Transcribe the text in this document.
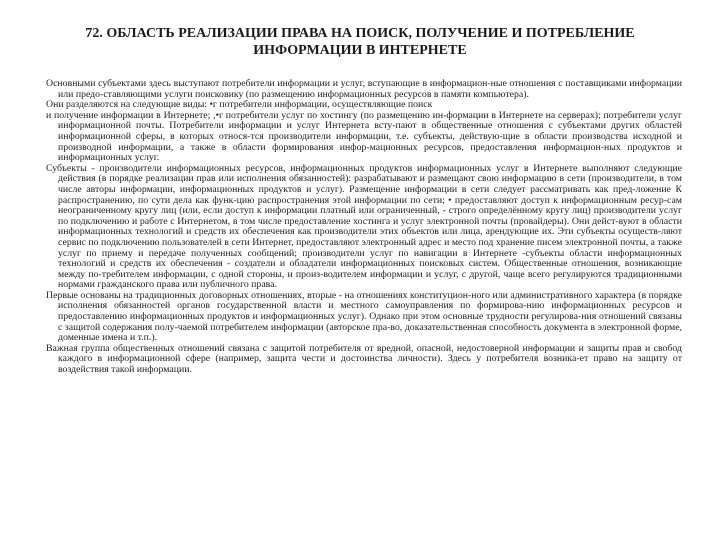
72. ОБЛАСТЬ РЕАЛИЗАЦИИ ПРАВА НА ПОИСК, ПОЛУЧЕНИЕ И ПОТРЕБЛЕНИЕ ИНФОРМАЦИИ В ИНТЕРНЕТЕ

Основными субъектами здесь выступают потребители информации и услуг, вступающие в информацион-ные отношения с поставщиками информации или предо-ставляющими услуги поисковику (по размещению информационных ресурсов в памяти компьютера).

Они разделяются на следующие виды: •г потребители информации, осуществляющие поиск

и получение информации в Интернете; ,•г потребители услуг по хостингу (по размещению ин-формации в Интернете на серверах); потребители услуг информационной почты. Потребители информации и услуг Интернета всту-пают в общественные отношения с субъектами других областей информационной сферы, в которых относя-тся производители информации, т.е. субъекты, действую-щие в области производства исходной и производной информации, а также в области формирования инфор-мационных ресурсов, предоставления информацион-ных продуктов и информационных услуг.

Субъекты - производители информационных ресурсов, информационных продуктов информационных услуг в Интернете выполняют следующие действия (в порядке реализации прав или исполнения обязанностей): разрабатывают и размещают свою информацию в сети (производители, в том числе авторы информации, информационных продуктов и услуг). Размещение информации в сети следует рассматривать как пред-ложение К распространению, по сути дела как функ-цию распространения этой информации по сети; • предоставляют доступ к информационным ресур-сам неограниченному кругу лиц (или, если доступ к информации платный или ограниченный, - строго определённому кругу лиц) производители услуг по подключению и работе с Интернетом, в том числе предоставление хостинга и услуг электронной почты (провайдеры). Они дейст-вуют в области информационных технологий и средств их обеспечения как производители этих объектов или лица, арендующие их. Эти субъекты осуществ-ляют сервис по подключению пользователей в сети Интернет, предоставляют электронный адрес и место под хранение писем электронной почты, а также услуг по приему и передаче полученных сообщений; производители услуг по навигации в Интернете -субъекты области информационных технологий и средств их обеспечения - создатели и обладатели информационных поисковых систем. Общественные отношения, возникающие между по-требителем информации, с одной стороны, и произ-водителем информации и услуг, с другой, чаще всего регулируются традиционными нормами гражданского права или публичного права.

Первые основаны на традиционных договорных отношениях, вторые - на отношениях конституцион-ного или административного характера (в порядке исполнения обязанностей органов государственной власти и местного самоуправления по формирова-нию информационных ресурсов и предоставлению информационных продуктов и информационных услуг). Однако при этом основные трудности регулирова-ния отношений связаны с защитой содержания полу-чаемой потребителем информации (авторское пра-во, доказательственная способность документа в электронной форме, доменные имена и т.п.).

Важная группа общественных отношений связана с защитой потребителя от вредной, опасной, недостоверной информации и защиты прав и свобод каждого в информационной сфере (например, защита чести и достоинства личности). Здесь у потребителя возника-ет право на защиту от воздействия такой информации.
